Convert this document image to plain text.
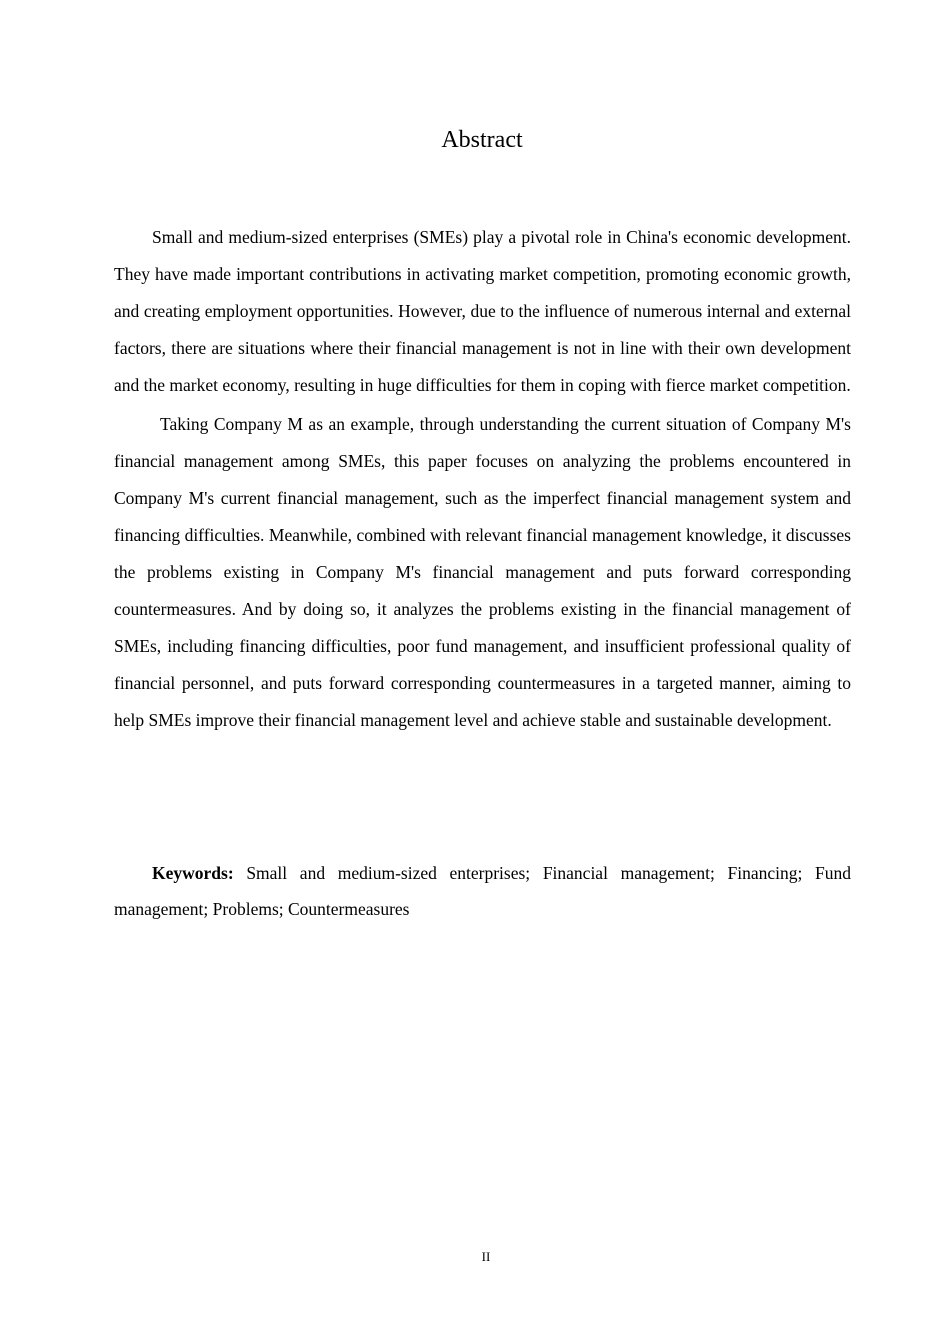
Abstract

Small and medium-sized enterprises (SMEs) play a pivotal role in China's economic development. They have made important contributions in activating market competition, promoting economic growth, and creating employment opportunities. However, due to the influence of numerous internal and external factors, there are situations where their financial management is not in line with their own development and the market economy, resulting in huge difficulties for them in coping with fierce market competition.

Taking Company M as an example, through understanding the current situation of Company M's financial management among SMEs, this paper focuses on analyzing the problems encountered in Company M's current financial management, such as the imperfect financial management system and financing difficulties. Meanwhile, combined with relevant financial management knowledge, it discusses the problems existing in Company M's financial management and puts forward corresponding countermeasures. And by doing so, it analyzes the problems existing in the financial management of SMEs, including financing difficulties, poor fund management, and insufficient professional quality of financial personnel, and puts forward corresponding countermeasures in a targeted manner, aiming to help SMEs improve their financial management level and achieve stable and sustainable development.

Keywords: Small and medium-sized enterprises; Financial management; Financing; Fund management; Problems; Countermeasures

II
